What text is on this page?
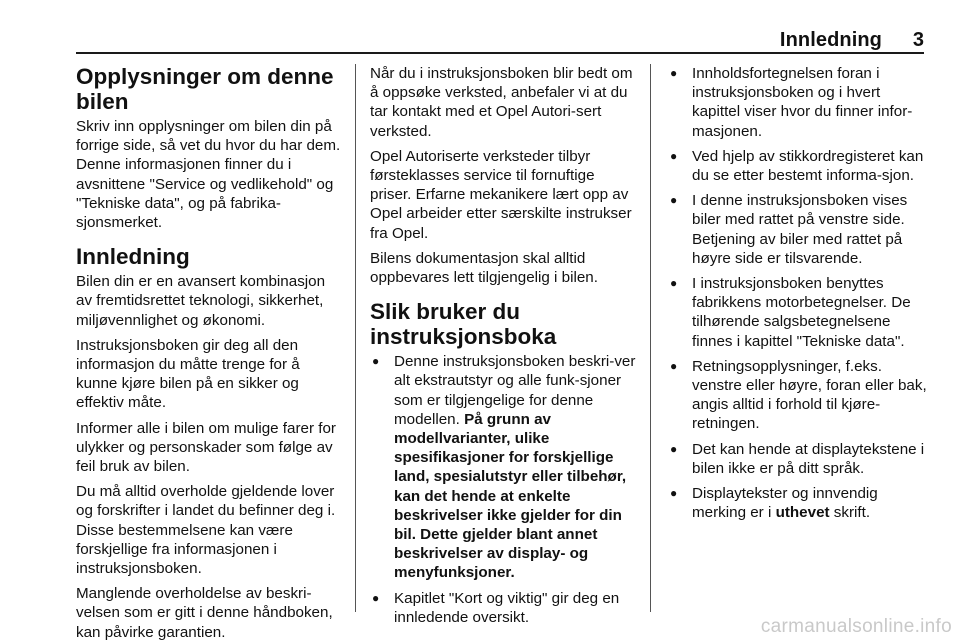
Innledning 3
Opplysninger om denne bilen

Skriv inn opplysninger om bilen din på forrige side, så vet du hvor du har dem. Denne informasjonen finner du i avsnittene "Service og vedlikehold" og "Tekniske data", og på fabrika-sjonsmerket.

Innledning

Bilen din er en avansert kombinasjon av fremtidsrettet teknologi, sikkerhet, miljøvennlighet og økonomi.

Instruksjonsboken gir deg all den informasjon du måtte trenge for å kunne kjøre bilen på en sikker og effektiv måte.

Informer alle i bilen om mulige farer for ulykker og personskader som følge av feil bruk av bilen.

Du må alltid overholde gjeldende lover og forskrifter i landet du befinner deg i. Disse bestemmelsene kan være forskjellige fra informasjonen i instruksjonsboken.

Manglende overholdelse av beskri-velsen som er gitt i denne håndboken, kan påvirke garantien.

Når du i instruksjonsboken blir bedt om å oppsøke verksted, anbefaler vi at du tar kontakt med et Opel Autori-sert verksted.

Opel Autoriserte verksteder tilbyr førsteklasses service til fornuftige priser. Erfarne mekanikere lært opp av Opel arbeider etter særskilte instrukser fra Opel.

Bilens dokumentasjon skal alltid oppbevares lett tilgjengelig i bilen.

Slik bruker du instruksjonsboka
● Denne instruksjonsboken beskri-ver alt ekstrautstyr og alle funk-sjoner som er tilgjengelige for denne modellen. På grunn av modellvarianter, ulike spesifikasjoner for forskjellige land, spesialutstyr eller tilbehør, kan det hende at enkelte beskrivelser ikke gjelder for din bil. Dette gjelder blant annet beskrivelser av display- og menyfunksjoner.
● Kapitlet "Kort og viktig" gir deg en innledende oversikt.
● Innholdsfortegnelsen foran i instruksjonsboken og i hvert kapittel viser hvor du finner infor-masjonen.
● Ved hjelp av stikkordregisteret kan du se etter bestemt informa-sjon.
● I denne instruksjonsboken vises biler med rattet på venstre side. Betjening av biler med rattet på høyre side er tilsvarende.
● I instruksjonsboken benyttes fabrikkens motorbetegnelser. De tilhørende salgsbetegnelsene finnes i kapittel "Tekniske data".
● Retningsopplysninger, f.eks. venstre eller høyre, foran eller bak, angis alltid i forhold til kjøre-retningen.
● Det kan hende at displaytekstene i bilen ikke er på ditt språk.
● Displaytekster og innvendig merking er i uthevet skrift.
carmanualsonline.info
